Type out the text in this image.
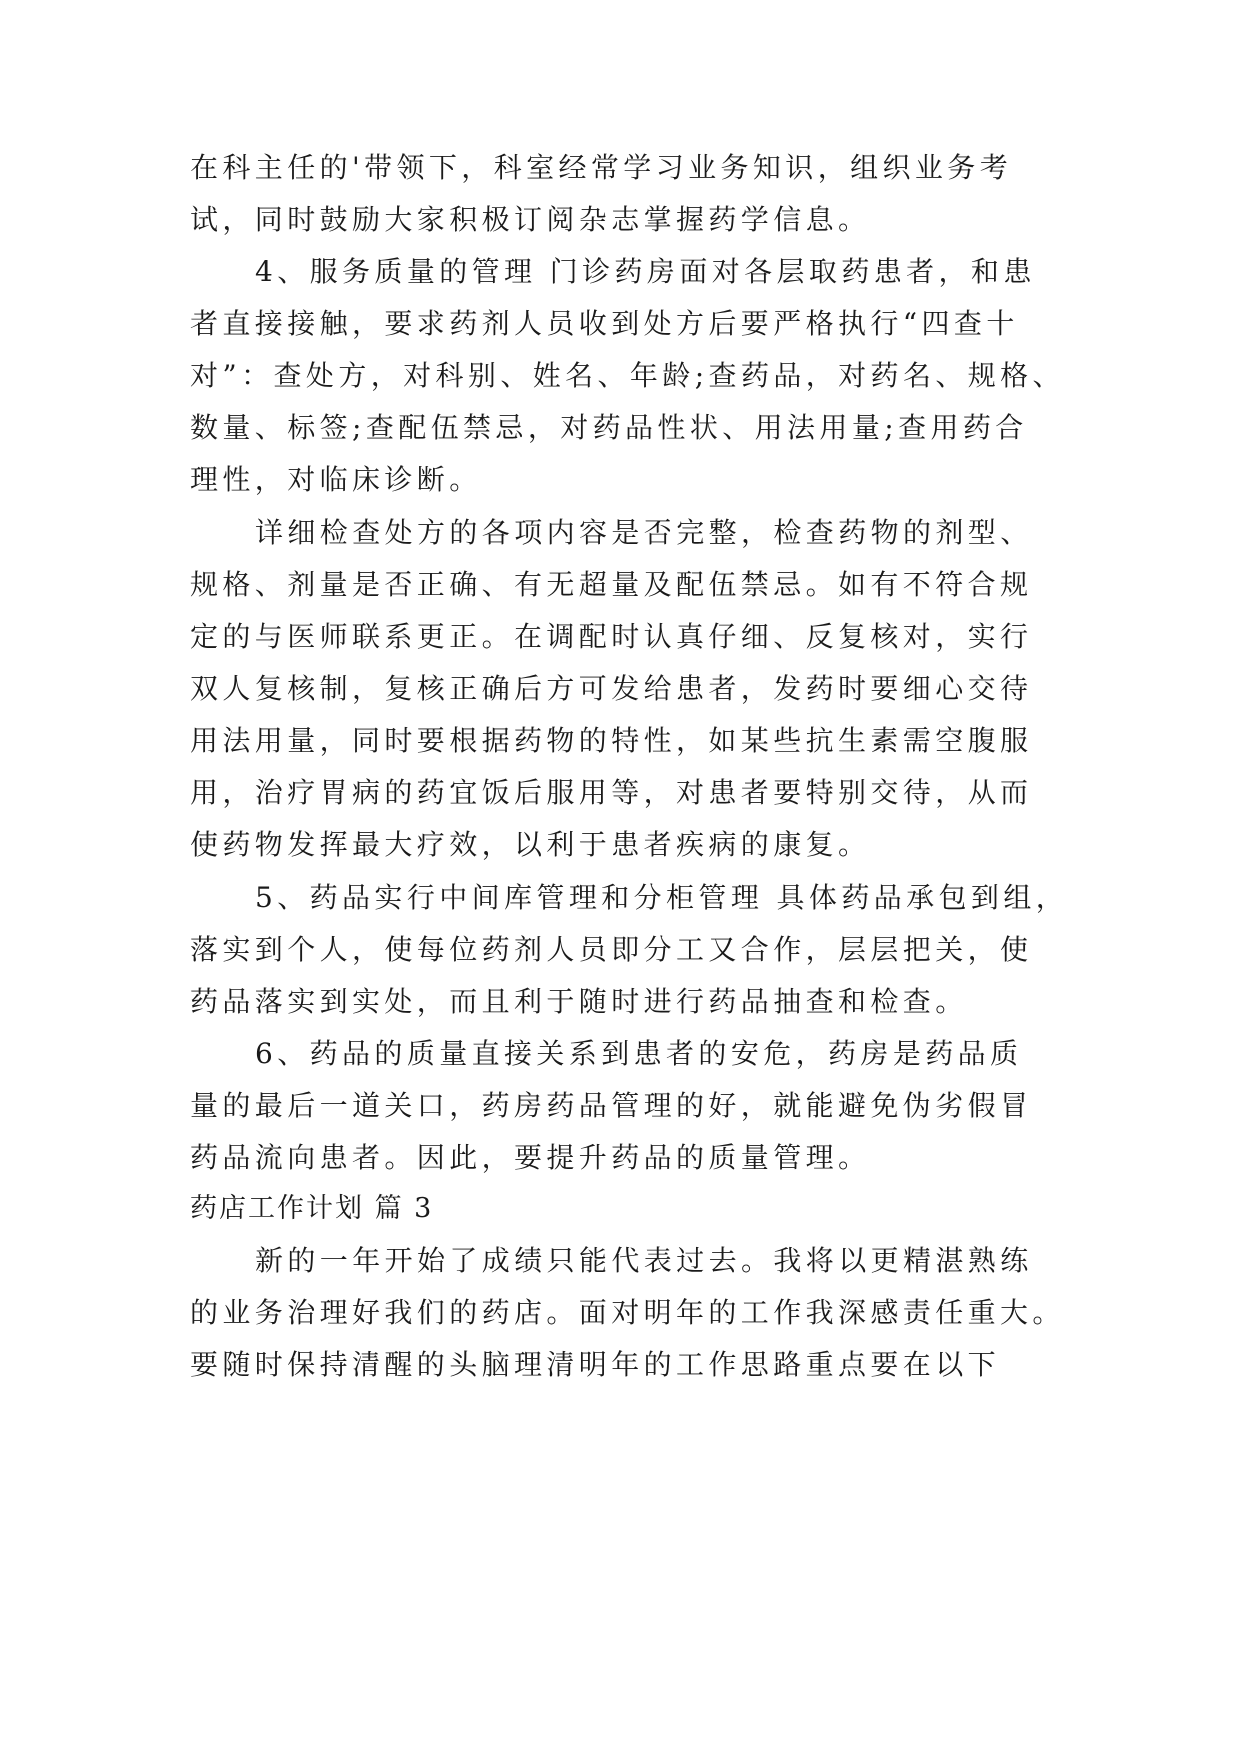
在科主任的'带领下，科室经常学习业务知识，组织业务考
试，同时鼓励大家积极订阅杂志掌握药学信息。
4、服务质量的管理 门诊药房面对各层取药患者，和患
者直接接触，要求药剂人员收到处方后要严格执行“四查十
对”：查处方，对科别、姓名、年龄;查药品，对药名、规格、
数量、标签;查配伍禁忌，对药品性状、用法用量;查用药合
理性，对临床诊断。
详细检查处方的各项内容是否完整，检查药物的剂型、
规格、剂量是否正确、有无超量及配伍禁忌。如有不符合规
定的与医师联系更正。在调配时认真仔细、反复核对，实行
双人复核制，复核正确后方可发给患者，发药时要细心交待
用法用量，同时要根据药物的特性，如某些抗生素需空腹服
用，治疗胃病的药宜饭后服用等，对患者要特别交待，从而
使药物发挥最大疗效，以利于患者疾病的康复。
5、药品实行中间库管理和分柜管理 具体药品承包到组，
落实到个人，使每位药剂人员即分工又合作，层层把关，使
药品落实到实处，而且利于随时进行药品抽查和检查。
6、药品的质量直接关系到患者的安危，药房是药品质
量的最后一道关口，药房药品管理的好，就能避免伪劣假冒
药品流向患者。因此，要提升药品的质量管理。
药店工作计划 篇 3
新的一年开始了成绩只能代表过去。我将以更精湛熟练
的业务治理好我们的药店。面对明年的工作我深感责任重大。
要随时保持清醒的头脑理清明年的工作思路重点要在以下
